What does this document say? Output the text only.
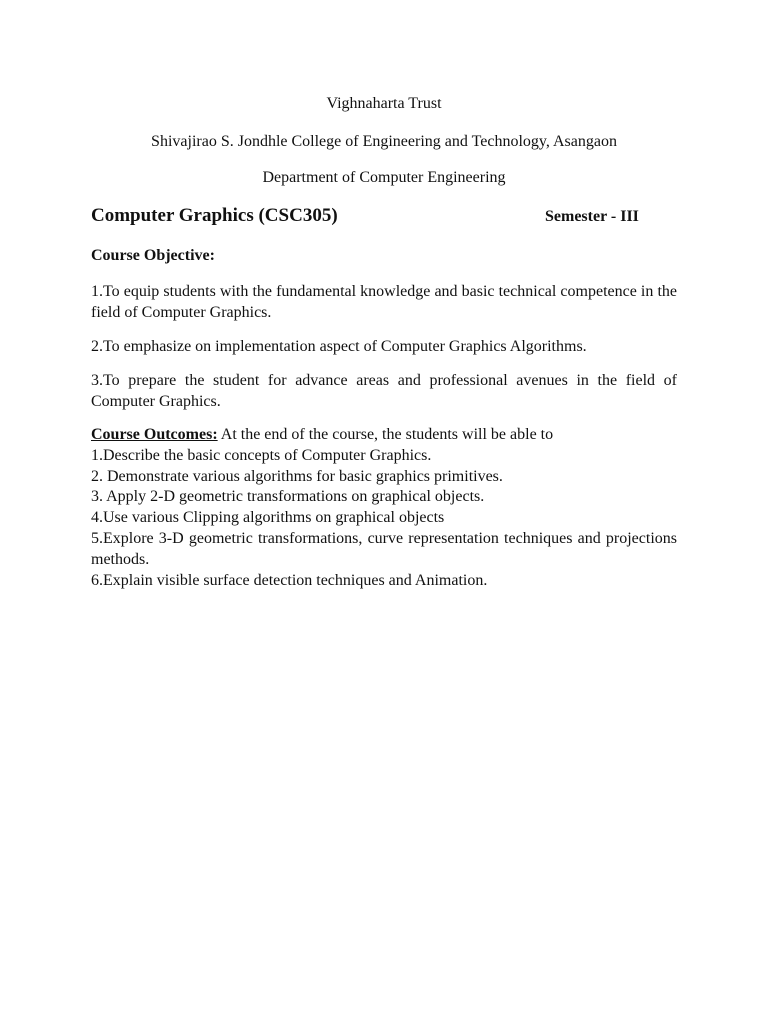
Vighnaharta Trust
Shivajirao S. Jondhle College of Engineering and Technology, Asangaon
Department of Computer Engineering
Computer Graphics (CSC305)	Semester - III
Course Objective:
1.To equip students with the fundamental knowledge and basic technical competence in the field of Computer Graphics.
2.To emphasize on implementation aspect of Computer Graphics Algorithms.
3.To prepare the student for advance areas and professional avenues in the field of Computer Graphics.
Course Outcomes: At the end of the course, the students will be able to
1.Describe the basic concepts of Computer Graphics.
2. Demonstrate various algorithms for basic graphics primitives.
3. Apply 2-D geometric transformations on graphical objects.
4.Use various Clipping algorithms on graphical objects
5.Explore 3-D geometric transformations, curve representation techniques and projections methods.
6.Explain visible surface detection techniques and Animation.
